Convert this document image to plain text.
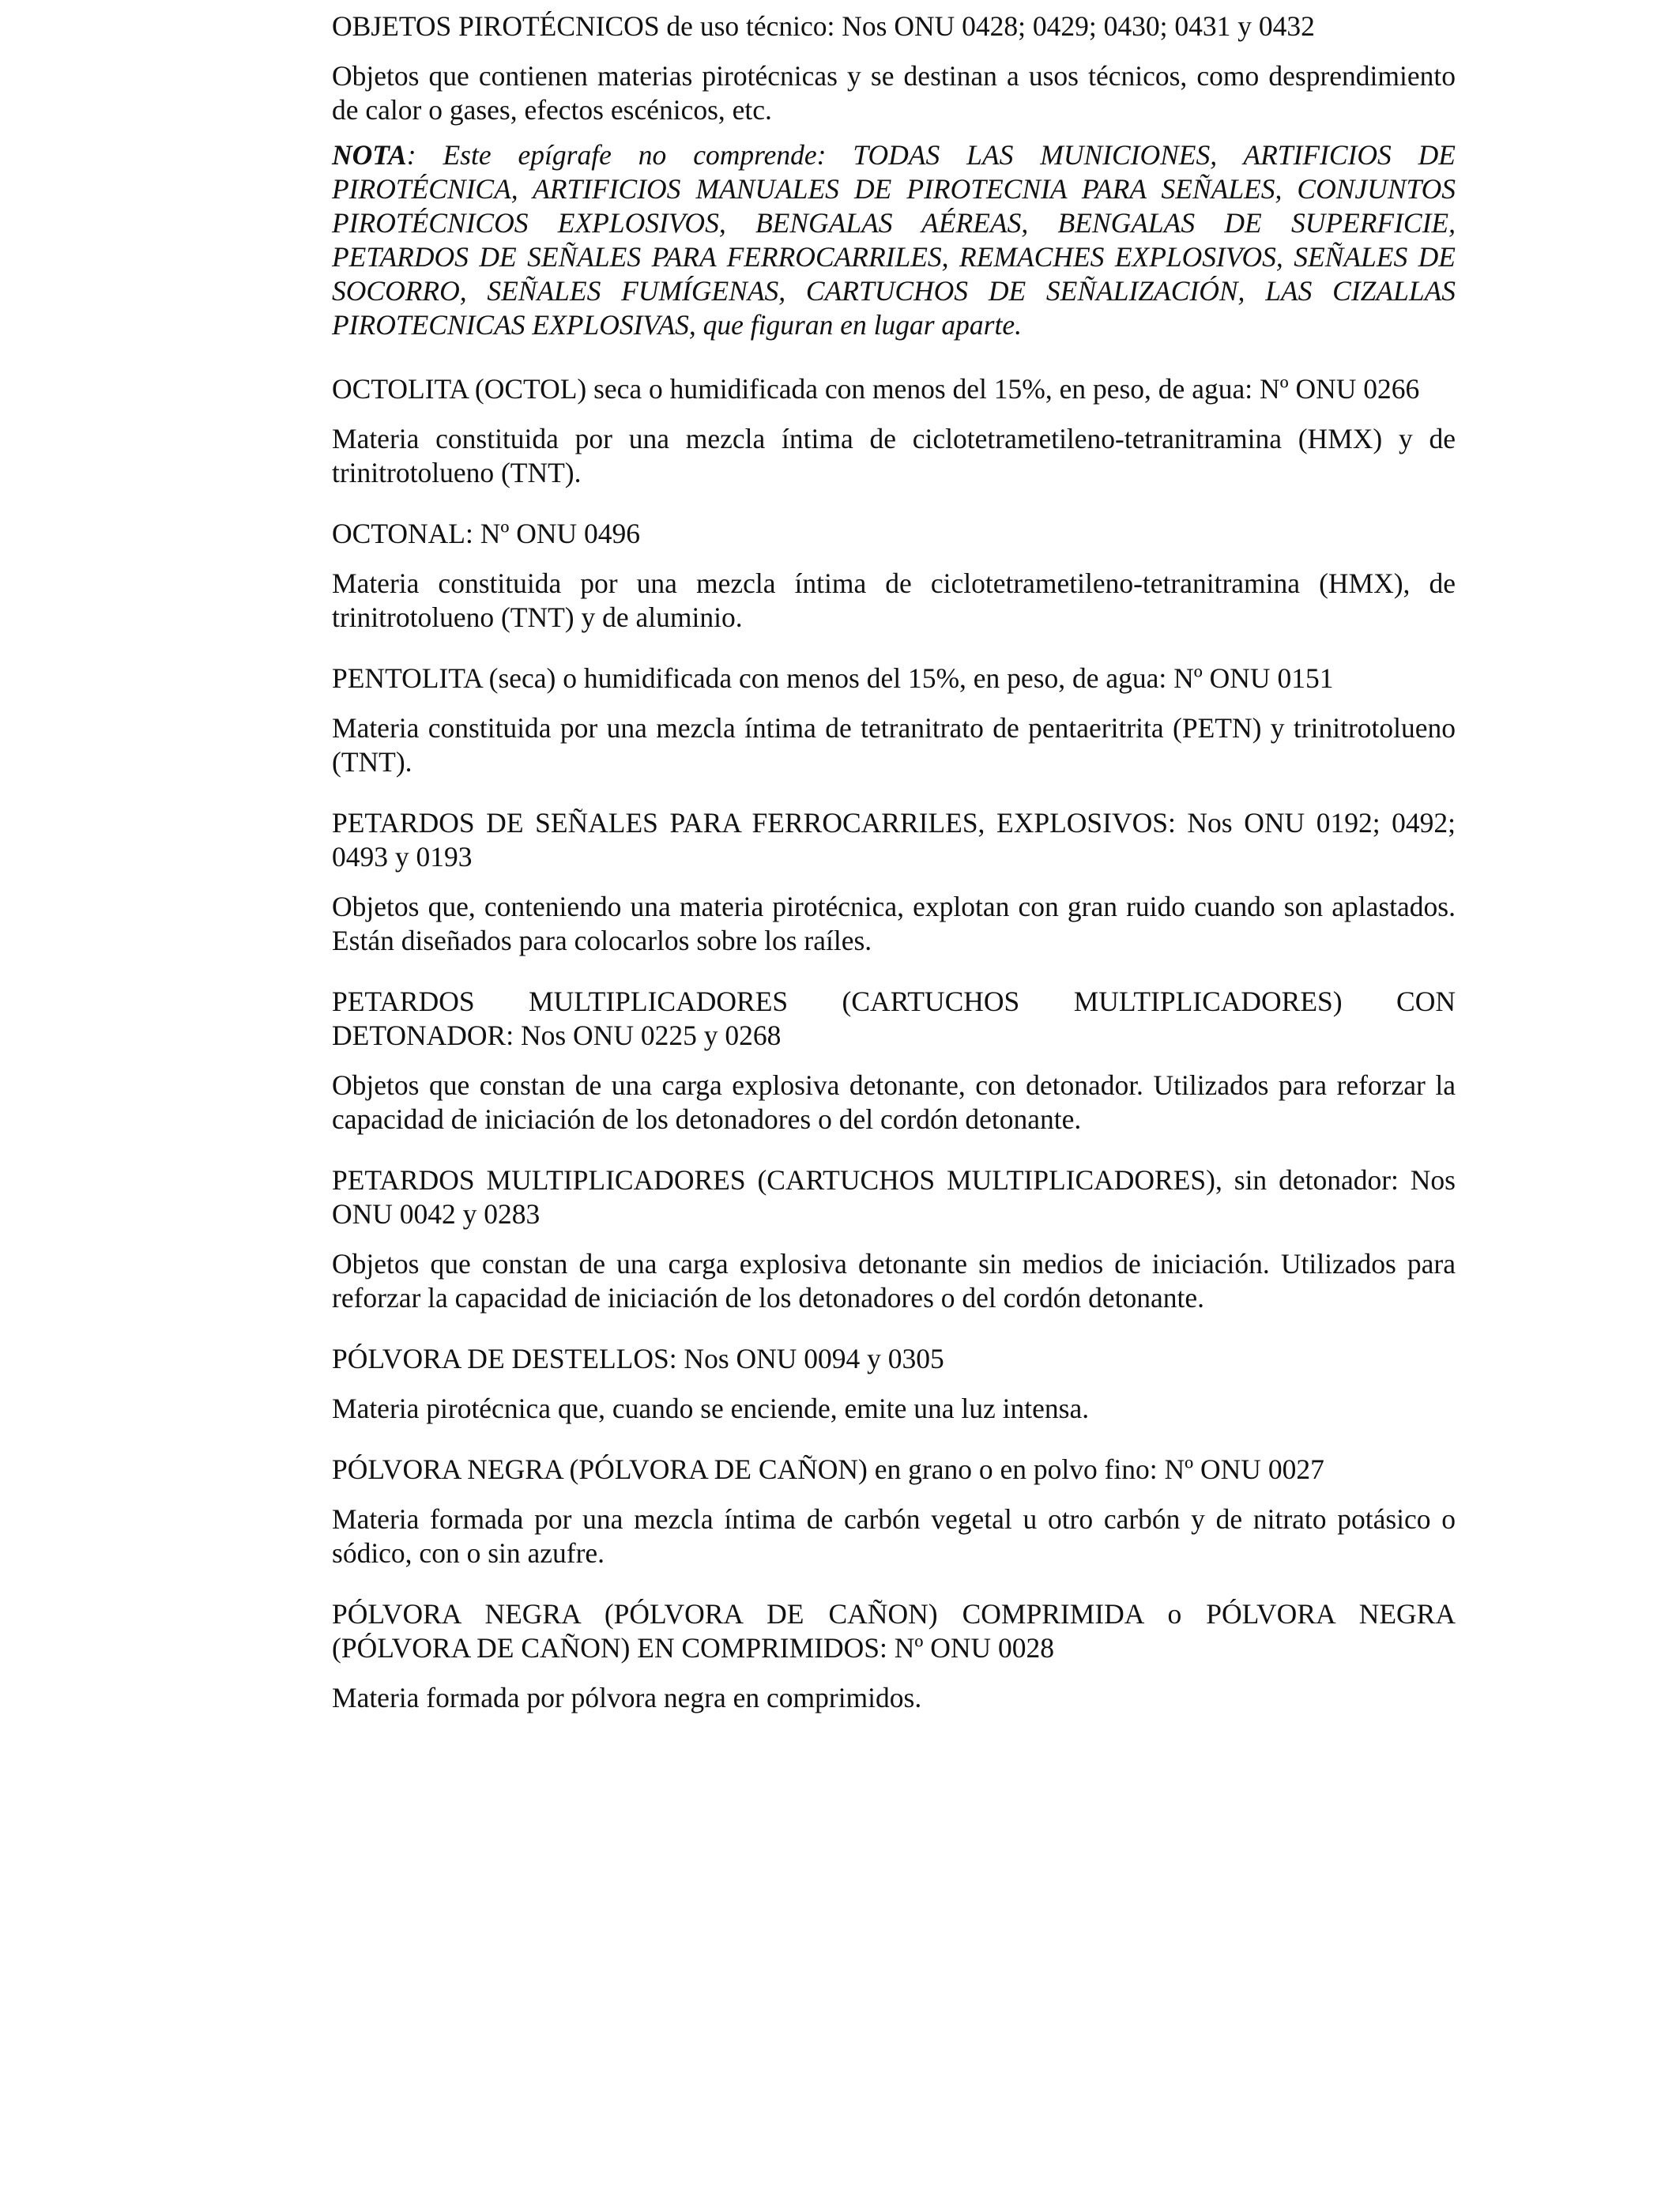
OBJETOS PIROTÉCNICOS de uso técnico: Nos ONU 0428; 0429; 0430; 0431 y 0432

Objetos que contienen materias pirotécnicas y se destinan a usos técnicos, como desprendimiento de calor o gases, efectos escénicos, etc.

NOTA: Este epígrafe no comprende: TODAS LAS MUNICIONES, ARTIFICIOS DE PIROTÉCNICA, ARTIFICIOS MANUALES DE PIROTECNIA PARA SEÑALES, CONJUNTOS PIROTÉCNICOS EXPLOSIVOS, BENGALAS AÉREAS, BENGALAS DE SUPERFICIE, PETARDOS DE SEÑALES PARA FERROCARRILES, REMACHES EXPLOSIVOS, SEÑALES DE SOCORRO, SEÑALES FUMÍGENAS, CARTUCHOS DE SEÑALIZACIÓN, LAS CIZALLAS PIROTECNICAS EXPLOSIVAS, que figuran en lugar aparte.

OCTOLITA (OCTOL) seca o humidificada con menos del 15%, en peso, de agua: Nº ONU 0266

Materia constituida por una mezcla íntima de ciclotetrametileno-tetranitramina (HMX) y de trinitrotolueno (TNT).

OCTONAL: Nº ONU 0496

Materia constituida por una mezcla íntima de ciclotetrametileno-tetranitramina (HMX), de trinitrotolueno (TNT) y de aluminio.

PENTOLITA (seca) o humidificada con menos del 15%, en peso, de agua: Nº ONU 0151

Materia constituida por una mezcla íntima de tetranitrato de pentaeritrita (PETN) y trinitrotolueno (TNT).

PETARDOS DE SEÑALES PARA FERROCARRILES, EXPLOSIVOS: Nos ONU 0192; 0492; 0493 y 0193

Objetos que, conteniendo una materia pirotécnica, explotan con gran ruido cuando son aplastados. Están diseñados para colocarlos sobre los raíles.

PETARDOS MULTIPLICADORES (CARTUCHOS MULTIPLICADORES) CON DETONADOR: Nos ONU 0225 y 0268

Objetos que constan de una carga explosiva detonante, con detonador. Utilizados para reforzar la capacidad de iniciación de los detonadores o del cordón detonante.

PETARDOS MULTIPLICADORES (CARTUCHOS MULTIPLICADORES), sin detonador: Nos ONU 0042 y 0283

Objetos que constan de una carga explosiva detonante sin medios de iniciación. Utilizados para reforzar la capacidad de iniciación de los detonadores o del cordón detonante.

PÓLVORA DE DESTELLOS: Nos ONU 0094 y 0305

Materia pirotécnica que, cuando se enciende, emite una luz intensa.

PÓLVORA NEGRA (PÓLVORA DE CAÑON) en grano o en polvo fino: Nº ONU 0027

Materia formada por una mezcla íntima de carbón vegetal u otro carbón y de nitrato potásico o sódico, con o sin azufre.

PÓLVORA NEGRA (PÓLVORA DE CAÑON) COMPRIMIDA o PÓLVORA NEGRA (PÓLVORA DE CAÑON) EN COMPRIMIDOS: Nº ONU 0028

Materia formada por pólvora negra en comprimidos.
